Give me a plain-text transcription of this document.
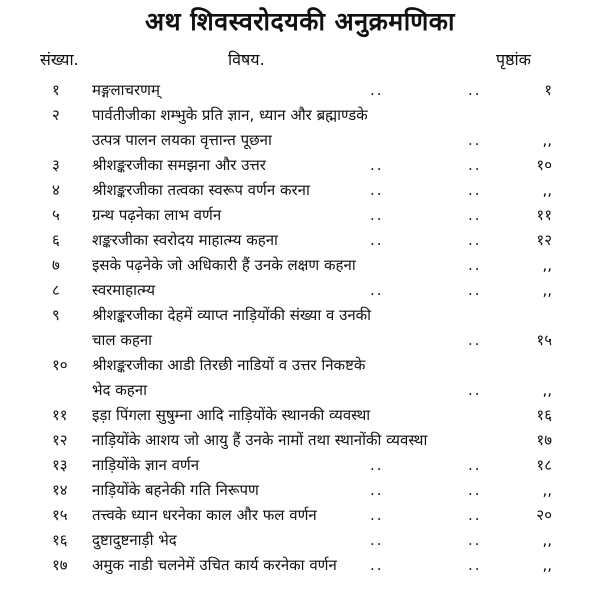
अथ शिवस्वरोदयकी अनुक्रमणिका
संख्या.	विषय.	पृष्ठांक
१	मङ्गलाचरणम्	..	..	१
२	पार्वतीजीका शम्भुके प्रति ज्ञान, ध्यान और ब्रह्माण्डके
उत्पत्र पालन लयका वृत्तान्त पूछना	..	,,
३	श्रीशङ्करजीका समझना और उत्तर	..	..	१०
४	श्रीशङ्करजीका तत्वका स्वरूप वर्णन करना	..	..	,,
५	ग्रन्थ पढ़नेका लाभ वर्णन	..	..	११
६	शङ्करजीका स्वरोदय माहात्म्य कहना	..	..	१२
७	इसके पढ़नेके जो अधिकारी हैं उनके लक्षण कहना	..	,,
८	स्वरमाहात्म्य	..	..	,,
९	श्रीशङ्करजीका देहमें व्याप्त नाड़ियोंकी संख्या व उनकी
चाल कहना	..	१५
१०	श्रीशङ्करजीका आडी तिरछी नाडियों व उत्तर निकष्टके
भेद कहना	..	,,
११	इड़ा पिंगला सुषुम्ना आदि नाड़ियोंके स्थानकी व्यवस्था	१६
१२	नाड़ियोंके आशय जो आयु हैं उनके नामों तथा स्थानोंकी व्यवस्था	१७
१३	नाड़ियोंके ज्ञान वर्णन	..	..	१८
१४	नाड़ियोंके बहनेकी गति निरूपण	..	..	,,
१५	तत्त्वके ध्यान धरनेका काल और फल वर्णन	..	..	२०
१६	दुष्टादुष्टनाड़ी भेद	..	..	,,
१७	अमुक नाडी चलनेमें उचित कार्य करनेका वर्णन	..	..	,,
